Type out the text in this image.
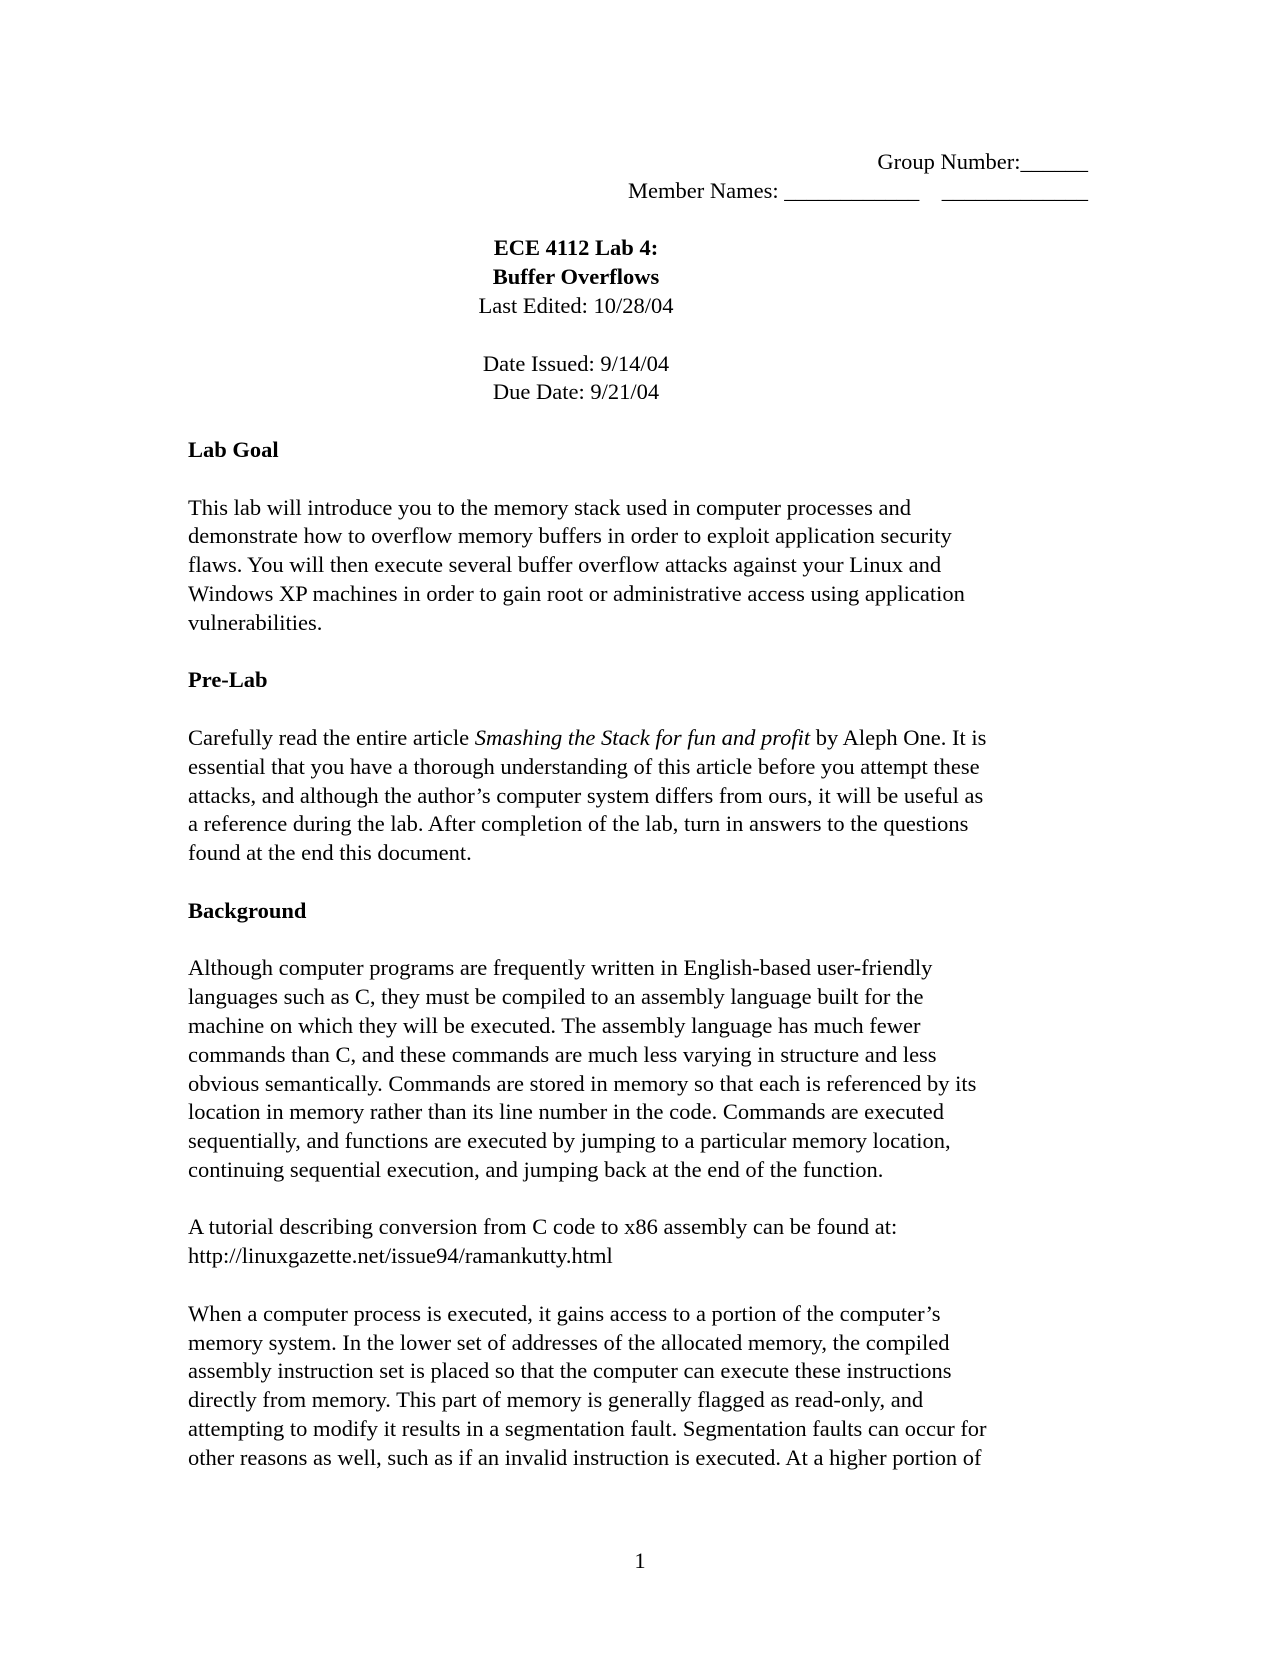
Group Number:______

Member Names: ____________    _____________

ECE 4112 Lab 4:

Buffer Overflows

Last Edited: 10/28/04

Date Issued: 9/14/04

Due Date: 9/21/04

Lab Goal

This lab will introduce you to the memory stack used in computer processes and
demonstrate how to overflow memory buffers in order to exploit application security
flaws. You will then execute several buffer overflow attacks against your Linux and
Windows XP machines in order to gain root or administrative access using application
vulnerabilities.

Pre-Lab

Carefully read the entire article Smashing the Stack for fun and profit by Aleph One. It is
essential that you have a thorough understanding of this article before you attempt these
attacks, and although the author’s computer system differs from ours, it will be useful as
a reference during the lab. After completion of the lab, turn in answers to the questions
found at the end this document.

Background

Although computer programs are frequently written in English-based user-friendly
languages such as C, they must be compiled to an assembly language built for the
machine on which they will be executed. The assembly language has much fewer
commands than C, and these commands are much less varying in structure and less
obvious semantically. Commands are stored in memory so that each is referenced by its
location in memory rather than its line number in the code. Commands are executed
sequentially, and functions are executed by jumping to a particular memory location,
continuing sequential execution, and jumping back at the end of the function.

A tutorial describing conversion from C code to x86 assembly can be found at:
http://linuxgazette.net/issue94/ramankutty.html

When a computer process is executed, it gains access to a portion of the computer’s
memory system. In the lower set of addresses of the allocated memory, the compiled
assembly instruction set is placed so that the computer can execute these instructions
directly from memory. This part of memory is generally flagged as read-only, and
attempting to modify it results in a segmentation fault. Segmentation faults can occur for
other reasons as well, such as if an invalid instruction is executed. At a higher portion of

1
